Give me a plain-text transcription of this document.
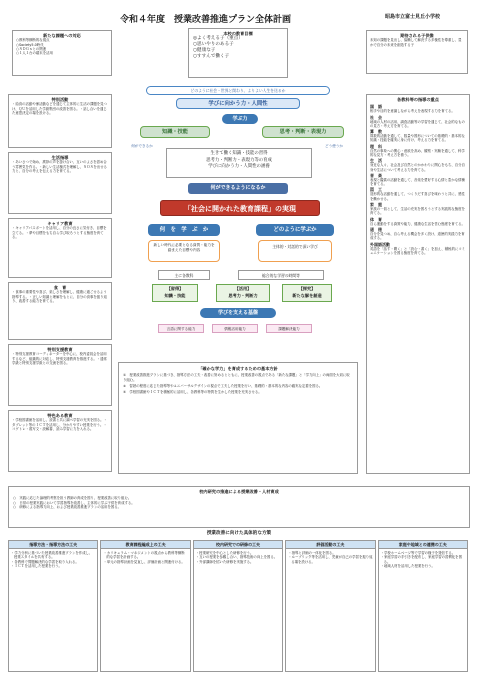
令和４年度　授業改善推進プラン全体計画	昭島市立富士見丘小学校
新たな課題への対応
○教科等横断的な視点
○Society5.0時代
○ＳＤＧｓとの関連
○１人１台の端末を活用
本校の教育目標
◎よく考える子（重点）
○思いやりのある子
○健康な子
○すすんで働く子
期待される子供像
未知の課題を見出し、協働して解決する多様性を尊重し、豊かで自分の未来を創造する子
特別活動
・給食の活動や係活動などを通じて主体的に生活の課題を見つけ、ＱＵを活用した学級集団の改善を図る。・話し合いを通じた意思決定の場を設ける。
生活指導
・あいさつで始め、挨拶の声を掛け合い、互いのよさを認め合う雰囲気を作る。・新しい生活様式を理解し、ＳＯＳを出せる力と、自分の考えを伝える力を育てる。
キャリア教育
・キャリアパスポートを活用し、自分の良さに気付き、目標を立てる。・夢や目標をもち自ら学び取ろうとする態度を育てる。
食　育
・食事の重要性や喜び、楽しさを理解し、健康に過ごせるよう指導する。・正しい知識と理解をもとに、自分の食事を振り返り、改善する能力を育てる。
特別支援教育
・特別支援教育コーディネーターを中心に、校内委員会を活用するなど、組織的に対応し、特別支援教育を推進する。・通常学級と特別支援学級との交流を図る。
特色ある教育
・学校図書館を活用し、読書と共に調べ学習の充実を図る。・タブレット等のＩＣＴを活用し、分かりやすい授業を行う。・コグトレ・視写文・読解書、読み学習に力を入れる。
どのように社会・世界と関わり、よりよい人生を送るか
学びに向かう力・人間性
学ぶ力
知識・技能	思考・判断・表現力
何ができるか	どう使うか
生きて働く知識・技能の習得
思考力・判断力・表現力等の育成
学びに向かう力・人間性の涵養
何ができるようになるか
「社会に開かれた教育課程」の実現
何　を　学　ぶ　か	どのように学ぶか
新しい時代に必要となる資質・能力を踏まえた目標や内容
主体的・対話的で深い学び
主に各教科	総合的な学習の時間等
【習得】
知識・技能
【活用】
思考力・判断力
【探究】
新たな解を創造
学びを支える基盤
言語に関する能力	情報活用能力	課題解決能力
「確かな学力」を育成するための基本方針
①　授業改善推進プランに基づき、指導方法の工夫・改善に努めるとともに、授業改善の視点である「新たな課題」と「学力向上」の両面を大切に取り組む。
②　習熟の程度に応じた指導等やユニバーサルデザインの視点で工夫した授業を行い、基礎的・基本的な内容の確実な定着を図る。
③　学校図書館やＩＣＴを積極的に活用し、各教科等の特質を生かした授業を充実させる。
各教科等の指導の重点
国　語
相手や目的を意識しながら考えを表現する力を育てる。
社　会
地域の人材の活用、調査活動等の学習を通じて、社会的なものの見方・考え方を育てる。
算　数
算数的活動を通して、数量や図形についての基礎的・基本的な知識・技能を確実に身に付け、考える力を育てる。
理　科
自然の事象への関心・意欲を高め、観察・実験を通して、科学的な見方・考え方を養う。
生　活
身近な人々、社会及び自然とのかかわりに関心をもち、自分自身や生活について考える力を育てる。
音　楽
表現と鑑賞の活動を通して、音楽を愛好する心情と豊かな情操を育てる。
図　工
造形的な活動を通して、つくりだす喜びを味わうと共に、感性を働かせる。
家　庭
家族の一員として、生活の充実を図ろうとする実践的な態度を育てる。
体　育
自ら運動をする資質や能力、健康な生活を営む態度を育てる。
道　徳
自分を見つめ、自ら考える機会を多く設け、道徳的実践力を育成する。
外国語活動
英語を「話す・聞く」と「読む・書く」を加え、積極的にコミュニケーションを図る態度を育てる。
校内研究の推進による授業改善・人材育成
○　実践に応じた論理的考察を担う教師の育成を図り、授業改善に取り組む。
○　日常の授業実践において学習指導を改善し、主体的に学ぶ子供を育成する。
○　研修による指導力向上、および授業改善推進プランの活用を図る。
授業改善に向けた具体的な方策
指導方法・指導方法の工夫
・学力分析に基づいた授業改善推進プランを作成し、授業スタイルを共有する。
・各教科で問題解決的な学習を取り入れる。
・ＩＣＴを活用した授業を行う。
教育課程編成上の工夫
・カリキュラム・マネジメントの視点から教科等横断的な学習を計画する。
・単元の指導計画を見直し、評価計画と関連付ける。
校内研究での研修の工夫
・授業研究を中心とした研修を行う。
・互いの授業を参観し合い、指導技術の向上を図る。
・外部講師を招いた研修を実施する。
評価活動の工夫
・指導と評価の一体化を図る。
・ルーブリック等を活用し、児童が自己の学習を振り返る場を設ける。
家庭や地域との連携の工夫
・学校ホームページ等で学習の様子を発信する。
・家庭学習の手引きを配布し、家庭学習の習慣化を図る。
・地域人材を活用した授業を行う。
